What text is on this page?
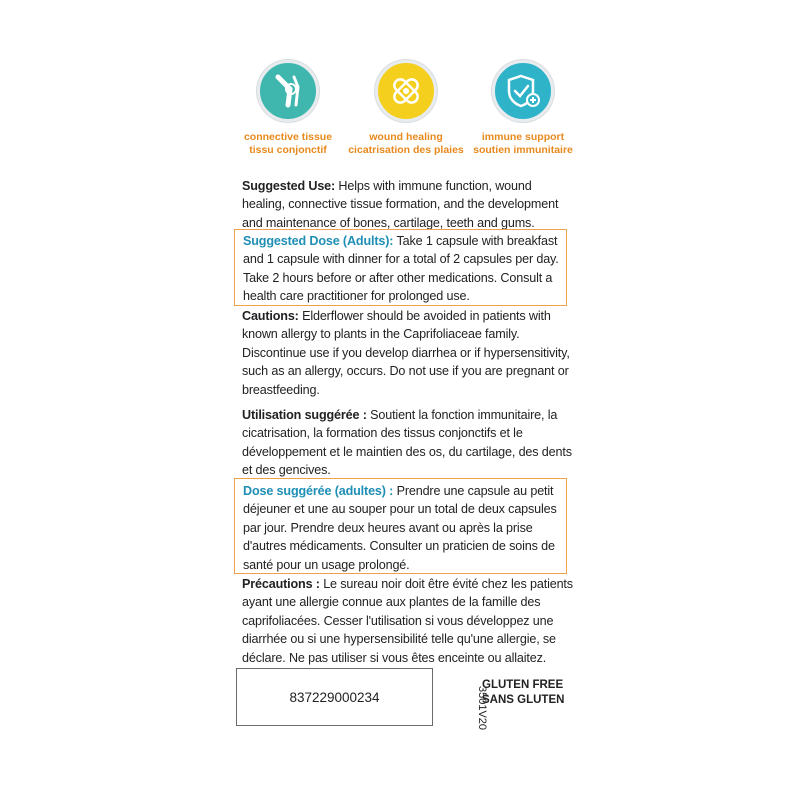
connective tissue
tissu conjonctif
wound healing
cicatrisation des plaies
immune support
soutien immunitaire

Suggested Use: Helps with immune function, wound healing, connective tissue formation, and the development and maintenance of bones, cartilage, teeth and gums.

Suggested Dose (Adults): Take 1 capsule with breakfast and 1 capsule with dinner for a total of 2 capsules per day. Take 2 hours before or after other medications. Consult a health care practitioner for prolonged use.

Cautions: Elderflower should be avoided in patients with known allergy to plants in the Caprifoliaceae family. Discontinue use if you develop diarrhea or if hypersensitivity, such as an allergy, occurs. Do not use if you are pregnant or breastfeeding.

Utilisation suggérée : Soutient la fonction immunitaire, la cicatrisation, la formation des tissus conjonctifs et le développement et le maintien des os, du cartilage, des dents et des gencives.

Dose suggérée (adultes) : Prendre une capsule au petit déjeuner et une au souper pour un total de deux capsules par jour. Prendre deux heures avant ou après la prise d'autres médicaments. Consulter un praticien de soins de santé pour un usage prolongé.

Précautions : Le sureau noir doit être évité chez les patients ayant une allergie connue aux plantes de la famille des caprifoliacées. Cesser l'utilisation si vous développez une diarrhée ou si une hypersensibilité telle qu'une allergie, se déclare. Ne pas utiliser si vous êtes enceinte ou allaitez.

837229000234	3501V20
GLUTEN FREE
SANS GLUTEN
